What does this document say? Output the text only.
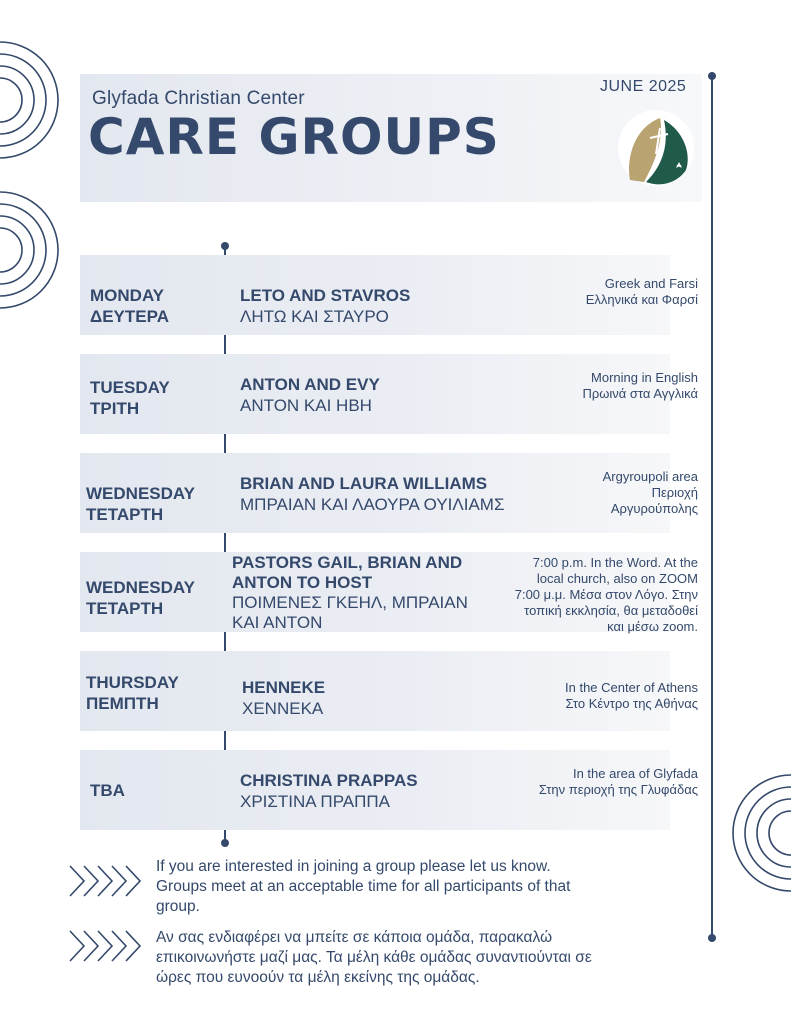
Glyfada Christian Center
CARE GROUPS
JUNE 2025
MONDAY
ΔΕΥΤΕΡΑ
LETO AND STAVROS
ΛΗΤΩ ΚΑΙ ΣΤΑΥΡΟ
Greek and Farsi
Ελληνικά και Φαρσί
TUESDAY
ΤΡΙΤΗ
ANTON AND EVY
ΑΝΤΟΝ ΚΑΙ ΗΒΗ
Morning in English
Πρωινά στα Αγγλικά
WEDNESDAY
ΤΕΤΑΡΤΗ
BRIAN AND LAURA WILLIAMS
ΜΠΡΑΙΑΝ ΚΑΙ ΛΑΟΥΡΑ ΟΥΙΛΙΑΜΣ
Argyroupoli area
Περιοχή
Αργυρούπολης
WEDNESDAY
ΤΕΤΑΡΤΗ
PASTORS GAIL, BRIAN AND
ANTON TO HOST
ΠΟΙΜΕΝΕΣ ΓΚΕΗΛ, ΜΠΡΑΙΑΝ
ΚΑΙ ΑΝΤΟΝ
7:00 p.m. In the Word. At the
local church, also on ZOOM
7:00 μ.μ. Μέσα στον Λόγο. Στην
τοπική εκκλησία, θα μεταδοθεί
και μέσω zoom.
THURSDAY
ΠΕΜΠΤΗ
HENNEKE
ΧΕΝΝΕΚΑ
In the Center of Athens
Στο Κέντρο της Αθήνας
TBA
CHRISTINA PRAPPAS
ΧΡΙΣΤΙΝΑ ΠΡΑΠΠΑ
In the area of Glyfada
Στην περιοχή της Γλυφάδας
If you are interested in joining a group please let us know.
Groups meet at an acceptable time for all participants of that
group.
Αν σας ενδιαφέρει να μπείτε σε κάποια ομάδα, παρακαλώ
επικοινωνήστε μαζί μας. Τα μέλη κάθε ομάδας συναντιούνται σε
ώρες που ευνοούν τα μέλη εκείνης της ομάδας.
